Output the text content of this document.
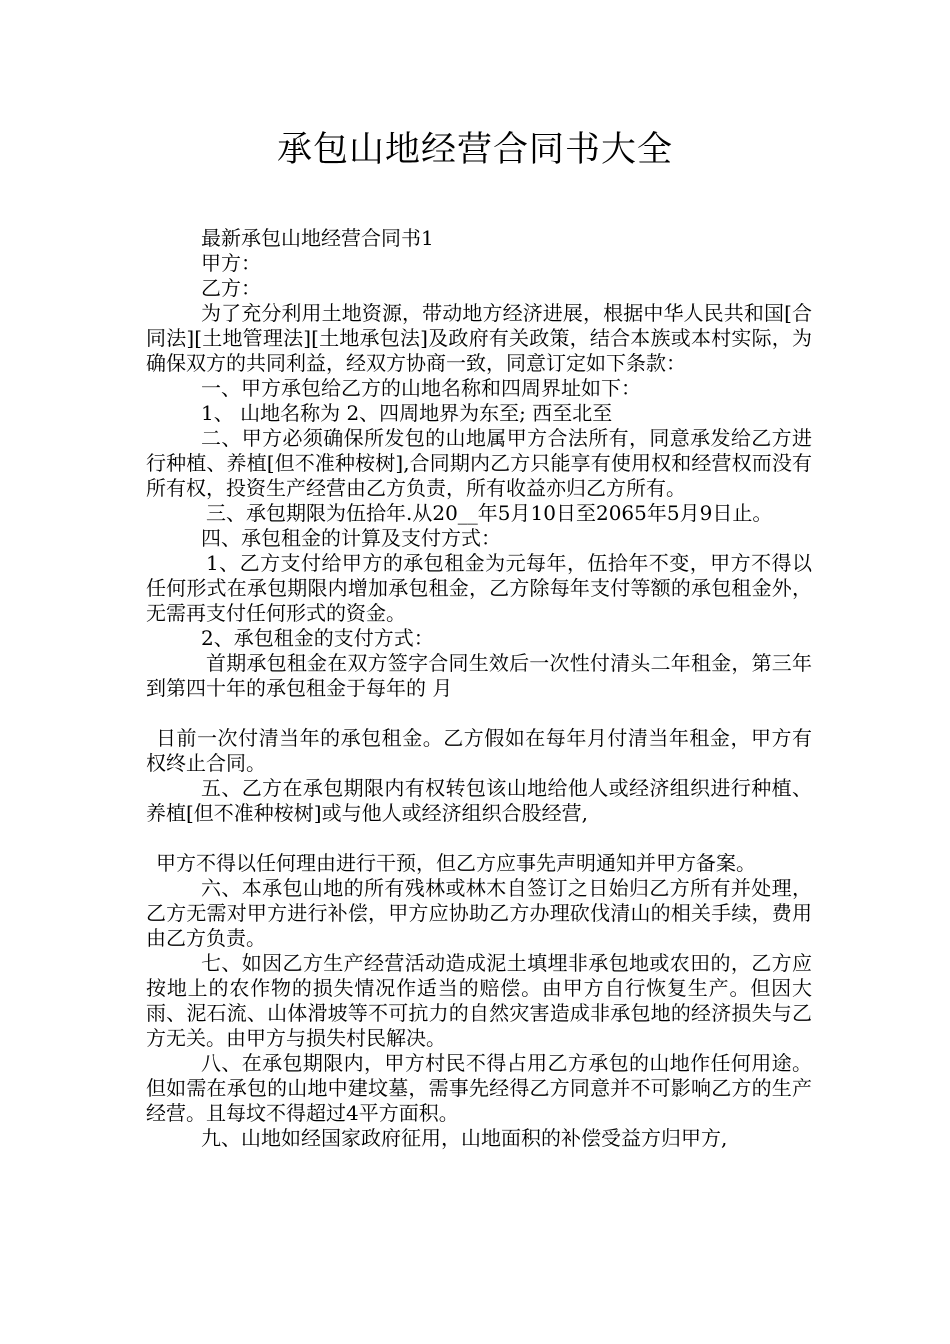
承包山地经营合同书大全

最新承包山地经营合同书1

甲方：

乙方：

为了充分利用土地资源，带动地方经济进展，根据中华人民共和国[合同法][土地管理法][土地承包法]及政府有关政策，结合本族或本村实际，为确保双方的共同利益，经双方协商一致，同意订定如下条款：

一、甲方承包给乙方的山地名称和四周界址如下：

1、 山地名称为 2、四周地界为东至; 西至北至

二、甲方必须确保所发包的山地属甲方合法所有，同意承发给乙方进行种植、养植[但不准种桉树],合同期内乙方只能享有使用权和经营权而没有所有权，投资生产经营由乙方负责，所有收益亦归乙方所有。

三、承包期限为伍拾年.从20__年5月10日至2065年5月9日止。

四、承包租金的计算及支付方式：

1、乙方支付给甲方的承包租金为元每年，伍拾年不变，甲方不得以任何形式在承包期限内增加承包租金，乙方除每年支付等额的承包租金外，无需再支付任何形式的资金。

2、承包租金的支付方式：

首期承包租金在双方签字合同生效后一次性付清头二年租金，第三年到第四十年的承包租金于每年的 月

日前一次付清当年的承包租金。乙方假如在每年月付清当年租金，甲方有权终止合同。

五、乙方在承包期限内有权转包该山地给他人或经济组织进行种植、养植[但不准种桉树]或与他人或经济组织合股经营,

甲方不得以任何理由进行干预，但乙方应事先声明通知并甲方备案。

六、本承包山地的所有残林或林木自签订之日始归乙方所有并处理，乙方无需对甲方进行补偿，甲方应协助乙方办理砍伐清山的相关手续，费用由乙方负责。

七、如因乙方生产经营活动造成泥土填埋非承包地或农田的，乙方应按地上的农作物的损失情况作适当的赔偿。由甲方自行恢复生产。但因大雨、泥石流、山体滑坡等不可抗力的自然灾害造成非承包地的经济损失与乙方无关。由甲方与损失村民解决。

八、在承包期限内，甲方村民不得占用乙方承包的山地作任何用途。但如需在承包的山地中建坟墓，需事先经得乙方同意并不可影响乙方的生产经营。且每坟不得超过4平方面积。

九、山地如经国家政府征用，山地面积的补偿受益方归甲方,
